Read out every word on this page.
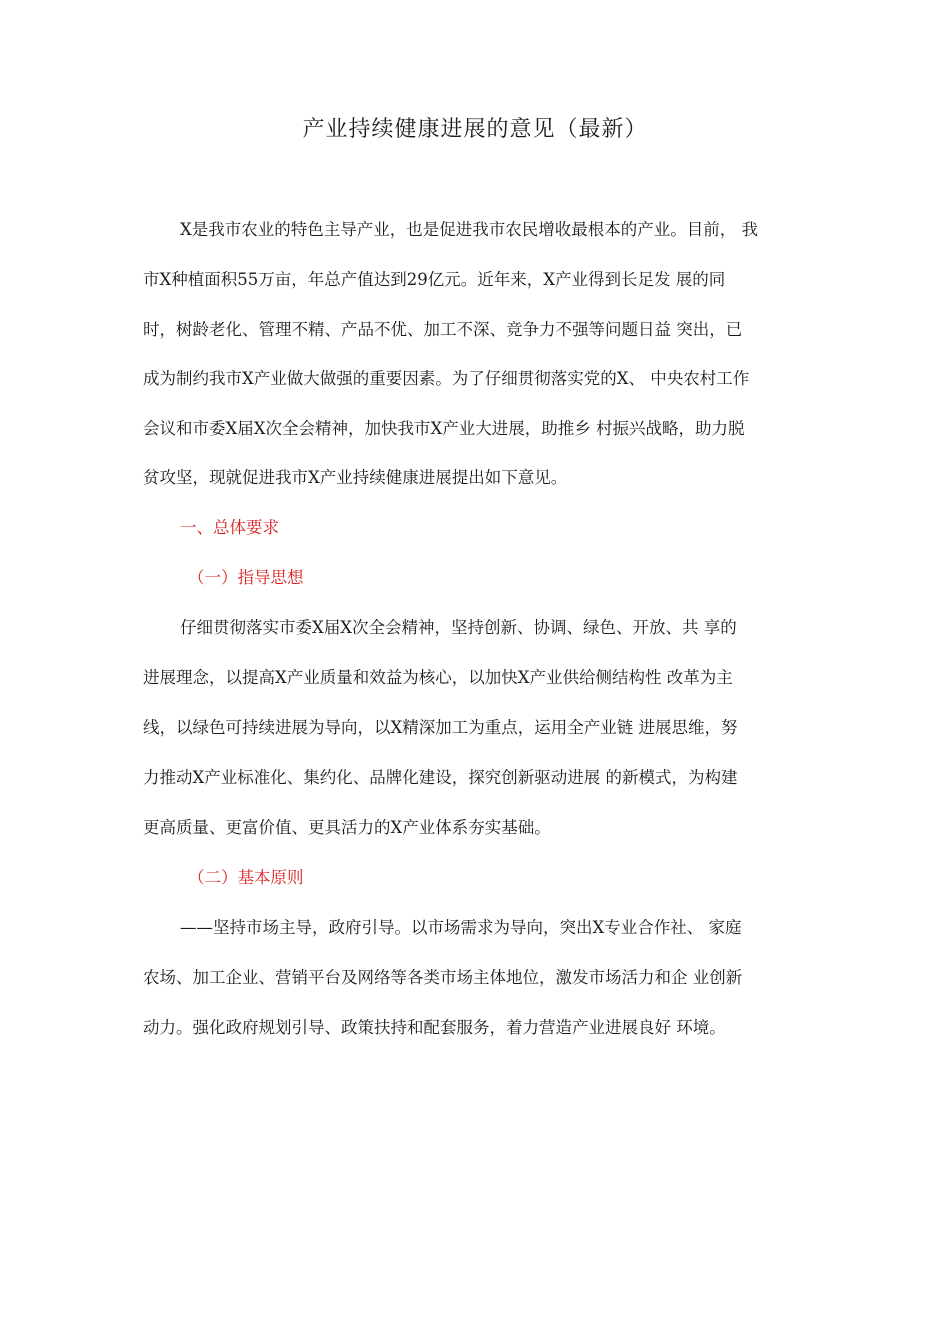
产业持续健康进展的意见（最新）
X是我市农业的特色主导产业，也是促进我市农民增收最根本的产业。目前， 我
市X种植面积55万亩，年总产值达到29亿元。近年来，X产业得到长足发 展的同
时，树龄老化、管理不精、产品不优、加工不深、竞争力不强等问题日益 突出，已
成为制约我市X产业做大做强的重要因素。为了仔细贯彻落实党的X、 中央农村工作
会议和市委X届X次全会精神，加快我市X产业大进展，助推乡 村振兴战略，助力脱
贫攻坚，现就促进我市X产业持续健康进展提出如下意见。
一、总体要求
（一）指导思想
仔细贯彻落实市委X届X次全会精神，坚持创新、协调、绿色、开放、共 享的
进展理念，以提高X产业质量和效益为核心，以加快X产业供给侧结构性 改革为主
线，以绿色可持续进展为导向，以X精深加工为重点，运用全产业链 进展思维，努
力推动X产业标准化、集约化、品牌化建设，探究创新驱动进展 的新模式，为构建
更高质量、更富价值、更具活力的X产业体系夯实基础。
（二）基本原则
——坚持市场主导，政府引导。以市场需求为导向，突出X专业合作社、 家庭
农场、加工企业、营销平台及网络等各类市场主体地位，激发市场活力和企 业创新
动力。强化政府规划引导、政策扶持和配套服务，着力营造产业进展良好 环境。
